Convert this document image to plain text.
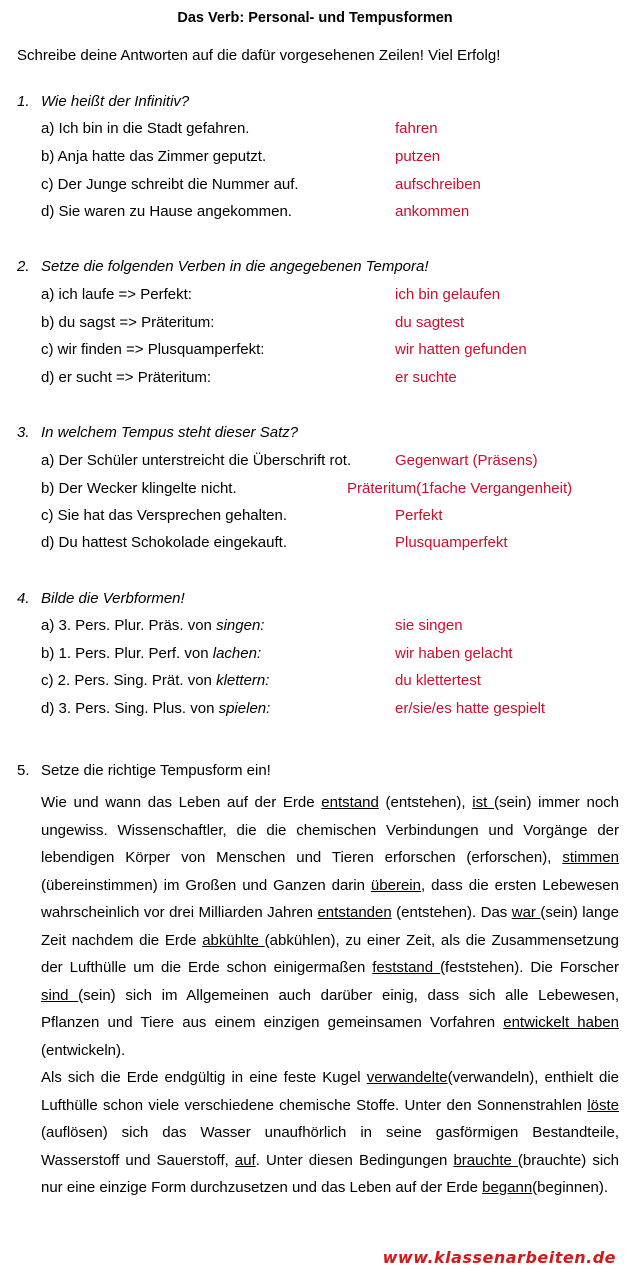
Das Verb: Personal- und Tempusformen
Schreibe deine Antworten auf die dafür vorgesehenen Zeilen! Viel Erfolg!
1. Wie heißt der Infinitiv?
a) Ich bin in die Stadt gefahren.	fahren
b) Anja hatte das Zimmer geputzt.	putzen
c) Der Junge schreibt die Nummer auf.	aufschreiben
d) Sie waren zu Hause angekommen.	ankommen
2. Setze die folgenden Verben in die angegebenen Tempora!
a) ich laufe => Perfekt:	ich bin gelaufen
b) du sagst => Präteritum:	du sagtest
c) wir finden => Plusquamperfekt:	wir hatten gefunden
d) er sucht => Präteritum:	er suchte
3. In welchem Tempus steht dieser Satz?
a) Der Schüler unterstreicht die Überschrift rot.	Gegenwart (Präsens)
b) Der Wecker klingelte nicht.	Präteritum(1fache Vergangenheit)
c) Sie hat das Versprechen gehalten.	Perfekt
d) Du hattest Schokolade eingekauft.	Plusquamperfekt
4. Bilde die Verbformen!
a) 3. Pers. Plur. Präs. von singen:	sie singen
b) 1. Pers. Plur. Perf. von lachen:	wir haben gelacht
c) 2. Pers. Sing. Prät. von klettern:	du klettertest
d) 3. Pers. Sing. Plus. von spielen:	er/sie/es hatte gespielt
5. Setze die richtige Tempusform ein!
Wie und wann das Leben auf der Erde entstand (entstehen), ist (sein) immer noch ungewiss. Wissenschaftler, die die chemischen Verbindungen und Vorgänge der lebendigen Körper von Menschen und Tieren erforschen (erforschen), stimmen (übereinstimmen) im Großen und Ganzen darin überein, dass die ersten Lebewesen wahrscheinlich vor drei Milliarden Jahren entstanden (entstehen). Das war (sein) lange Zeit nachdem die Erde abkühlte (abkühlen), zu einer Zeit, als die Zusammensetzung der Lufthülle um die Erde schon einigermaßen feststand (feststehen). Die Forscher sind (sein) sich im Allgemeinen auch darüber einig, dass sich alle Lebewesen, Pflanzen und Tiere aus einem einzigen gemeinsamen Vorfahren entwickelt haben (entwickeln).
Als sich die Erde endgültig in eine feste Kugel verwandelte(verwandeln), enthielt die Lufthülle schon viele verschiedene chemische Stoffe. Unter den Sonnenstrahlen löste (auflösen) sich das Wasser unaufhörlich in seine gasförmigen Bestandteile, Wasserstoff und Sauerstoff, auf. Unter diesen Bedingungen brauchte (brauchte) sich nur eine einzige Form durchzusetzen und das Leben auf der Erde begann(beginnen).
www.klassenarbeiten.de
